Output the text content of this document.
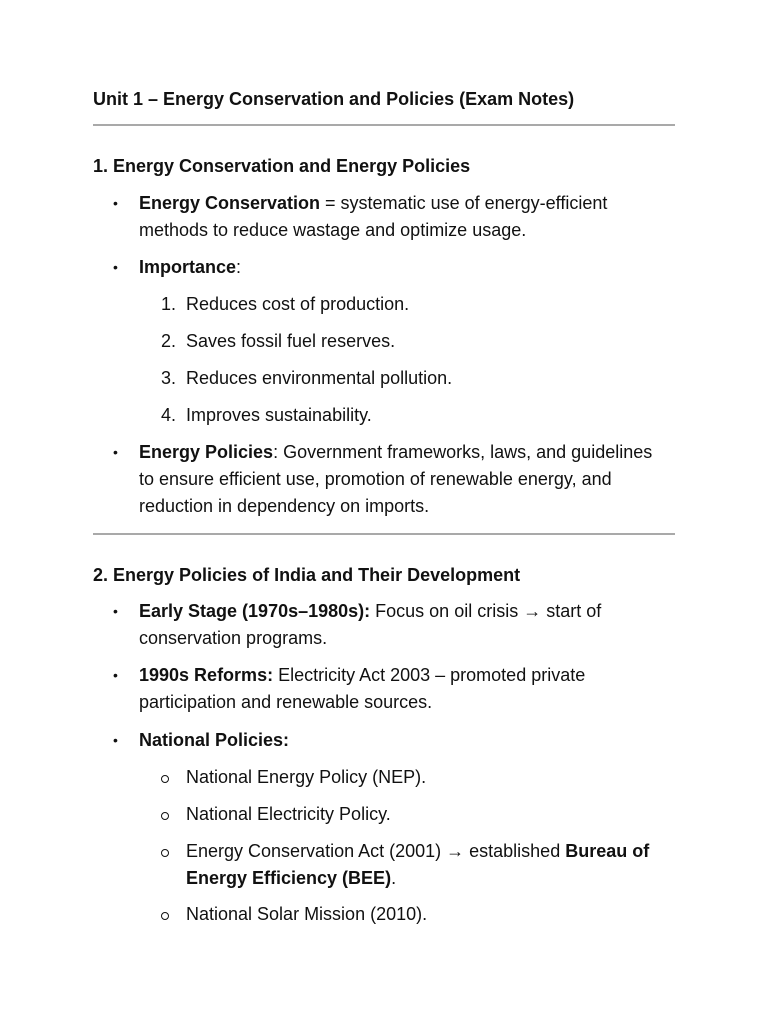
Unit 1 – Energy Conservation and Policies (Exam Notes)
1. Energy Conservation and Energy Policies
• Energy Conservation = systematic use of energy-efficient
methods to reduce wastage and optimize usage.
• Importance:
1. Reduces cost of production.
2. Saves fossil fuel reserves.
3. Reduces environmental pollution.
4. Improves sustainability.
• Energy Policies: Government frameworks, laws, and guidelines
to ensure efficient use, promotion of renewable energy, and
reduction in dependency on imports.
2. Energy Policies of India and Their Development
• Early Stage (1970s–1980s): Focus on oil crisis → start of
conservation programs.
• 1990s Reforms: Electricity Act 2003 – promoted private
participation and renewable sources.
• National Policies:
National Energy Policy (NEP).
National Electricity Policy.
Energy Conservation Act (2001) → established Bureau of
Energy Efficiency (BEE).
National Solar Mission (2010).
